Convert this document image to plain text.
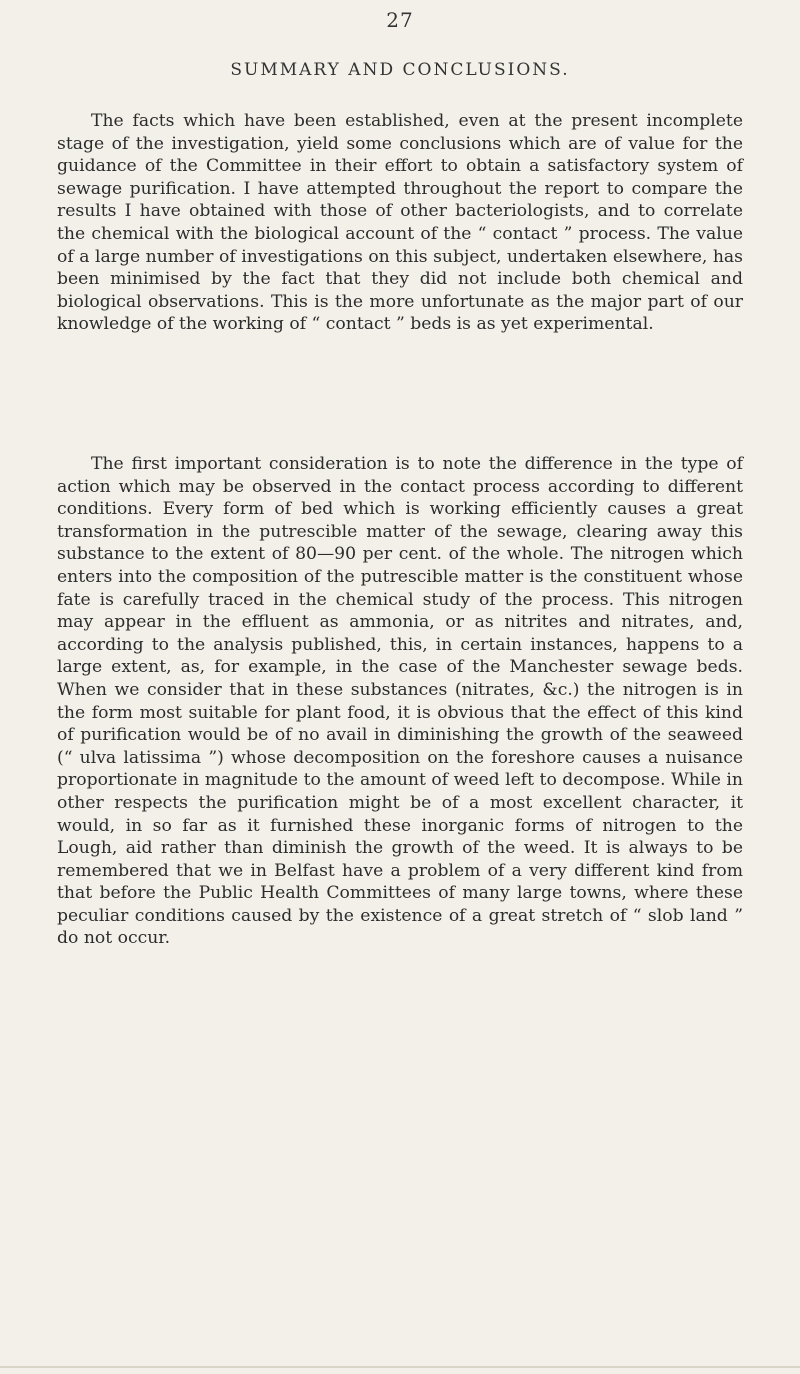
27
SUMMARY AND CONCLUSIONS.

The facts which have been established, even at the present incomplete stage of the investigation, yield some conclusions which are of value for the guidance of the Committee in their effort to obtain a satisfactory system of sewage purification. I have attempted throughout the report to compare the results I have obtained with those of other bacteriologists, and to correlate the chemical with the biological account of the “ contact ” process. The value of a large number of investigations on this subject, undertaken elsewhere, has been minimised by the fact that they did not include both chemical and biological observations. This is the more unfortunate as the major part of our knowledge of the working of “ contact ” beds is as yet experimental.

The first important consideration is to note the difference in the type of action which may be observed in the contact process according to different conditions. Every form of bed which is working efficiently causes a great transformation in the putrescible matter of the sewage, clearing away this substance to the extent of 80—90 per cent. of the whole. The nitrogen which enters into the composition of the putrescible matter is the constituent whose fate is carefully traced in the chemical study of the process. This nitrogen may appear in the effluent as ammonia, or as nitrites and nitrates, and, according to the analysis published, this, in certain instances, happens to a large extent, as, for example, in the case of the Manchester sewage beds. When we consider that in these substances (nitrates, &c.) the nitrogen is in the form most suitable for plant food, it is obvious that the effect of this kind of purification would be of no avail in diminishing the growth of the seaweed (“ ulva latissima ”) whose decomposition on the foreshore causes a nuisance proportionate in magnitude to the amount of weed left to decompose. While in other respects the purification might be of a most excellent character, it would, in so far as it furnished these inorganic forms of nitrogen to the Lough, aid rather than diminish the growth of the weed. It is always to be remembered that we in Belfast have a problem of a very different kind from that before the Public Health Committees of many large towns, where these peculiar conditions caused by the existence of a great stretch of “ slob land ” do not occur.
